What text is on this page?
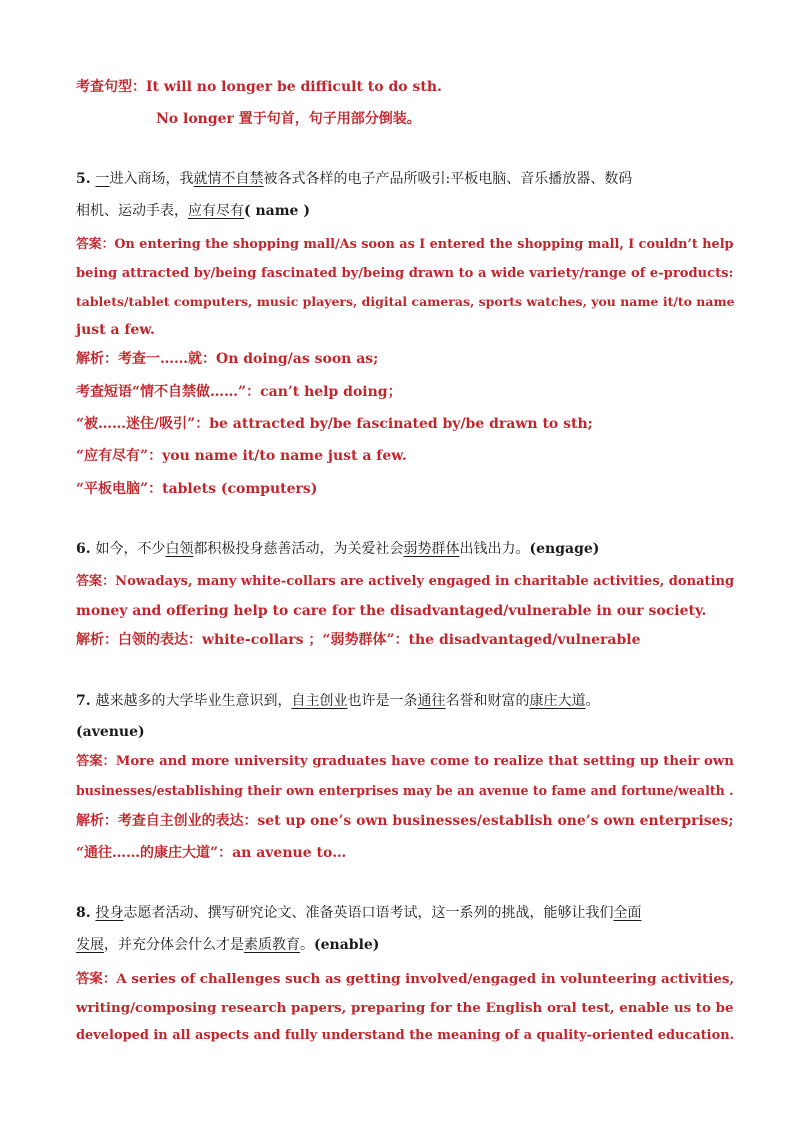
考查句型：It will no longer be difficult to do sth.
No longer 置于句首，句子用部分倒装。
5. 一进入商场，我就情不自禁被各式各样的电子产品所吸引:平板电脑、音乐播放器、数码
相机、运动手表，应有尽有( name )
答案：On entering the shopping mall/As soon as I entered the shopping mall, I couldn’t help
being attracted by/being fascinated by/being drawn to a wide variety/range of e-products:
tablets/tablet computers, music players, digital cameras, sports watches, you name it/to name
just a few.
解析：考查一……就：On doing/as soon as;
考查短语“情不自禁做……”：can’t help doing；
“被……迷住/吸引”：be attracted by/be fascinated by/be drawn to sth;
“应有尽有”：you name it/to name just a few.
“平板电脑”：tablets (computers)
6. 如今，不少白领都积极投身慈善活动，为关爱社会弱势群体出钱出力。(engage)
答案：Nowadays, many white-collars are actively engaged in charitable activities, donating
money and offering help to care for the disadvantaged/vulnerable in our society.
解析：白领的表达：white-collars ；“弱势群体”：the disadvantaged/vulnerable
7. 越来越多的大学毕业生意识到，自主创业也许是一条通往名誉和财富的康庄大道。
(avenue)
答案：More and more university graduates have come to realize that setting up their own
businesses/establishing their own enterprises may be an avenue to fame and fortune/wealth .
解析：考查自主创业的表达：set up one’s own businesses/establish one’s own enterprises;
“通往……的康庄大道”：an avenue to…
8. 投身志愿者活动、撰写研究论文、准备英语口语考试，这一系列的挑战，能够让我们全面
发展，并充分体会什么才是素质教育。(enable)
答案：A series of challenges such as getting involved/engaged in volunteering activities,
writing/composing research papers, preparing for the English oral test, enable us to be
developed in all aspects and fully understand the meaning of a quality-oriented education.
